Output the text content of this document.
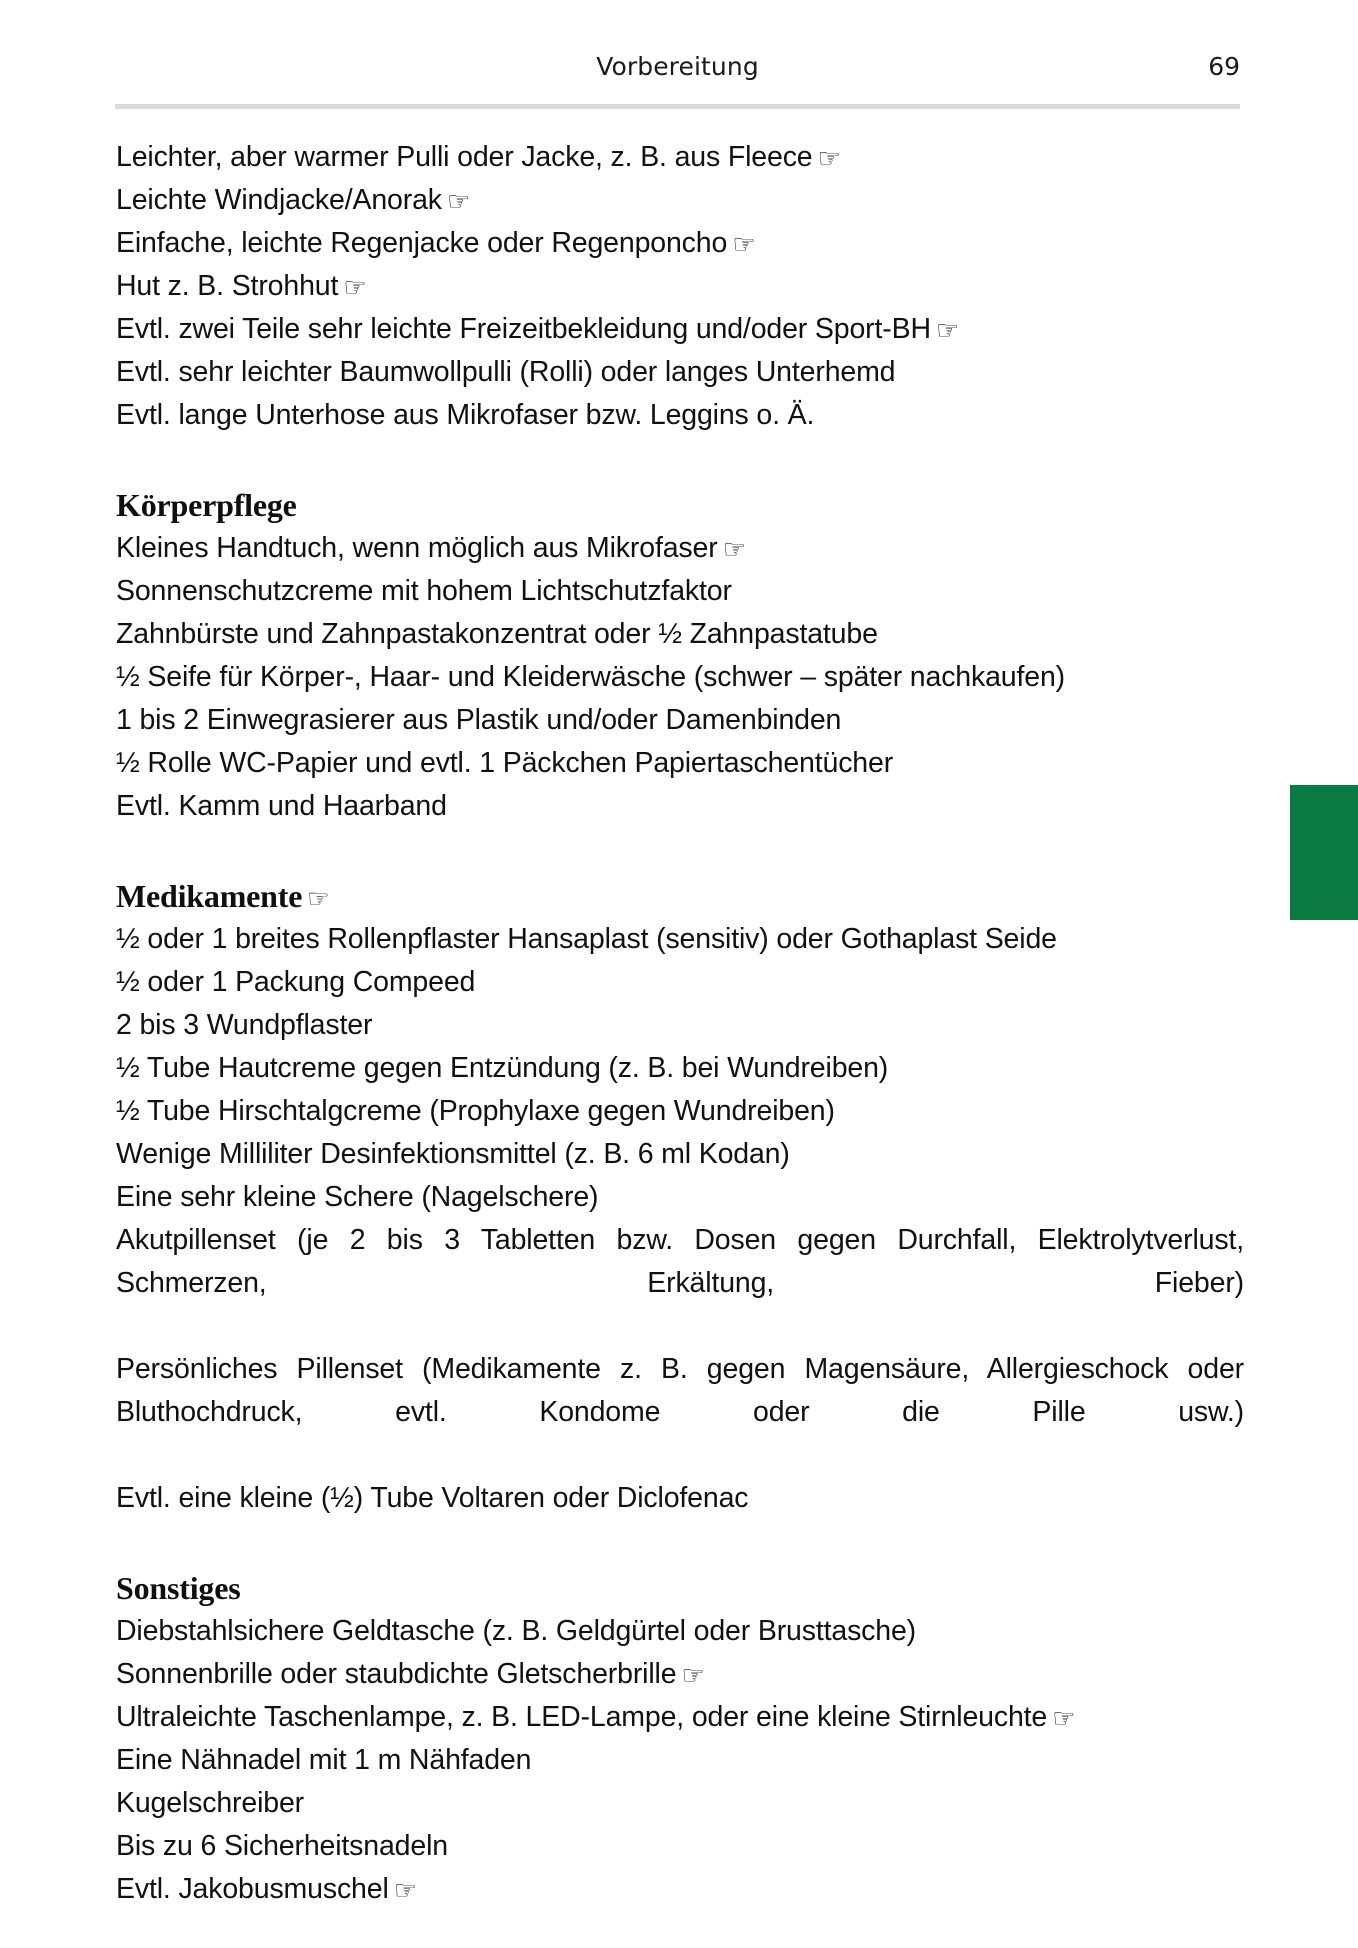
Vorbereitung	69
Leichter, aber warmer Pulli oder Jacke, z. B. aus Fleece ☞
Leichte Windjacke/Anorak ☞
Einfache, leichte Regenjacke oder Regenponcho ☞
Hut z. B. Strohhut ☞
Evtl. zwei Teile sehr leichte Freizeitbekleidung und/oder Sport-BH ☞
Evtl. sehr leichter Baumwollpulli (Rolli) oder langes Unterhemd
Evtl. lange Unterhose aus Mikrofaser bzw. Leggins o. Ä.
Körperpflege
Kleines Handtuch, wenn möglich aus Mikrofaser ☞
Sonnenschutzcreme mit hohem Lichtschutzfaktor
Zahnbürste und Zahnpastakonzentrat oder ½ Zahnpastatube
½ Seife für Körper-, Haar- und Kleiderwäsche (schwer – später nachkaufen)
1 bis 2 Einwegrasierer aus Plastik und/oder Damenbinden
½ Rolle WC-Papier und evtl. 1 Päckchen Papiertaschentücher
Evtl. Kamm und Haarband
Medikamente ☞
½ oder 1 breites Rollenpflaster Hansaplast (sensitiv) oder Gothaplast Seide
½ oder 1 Packung Compeed
2 bis 3 Wundpflaster
½ Tube Hautcreme gegen Entzündung (z. B. bei Wundreiben)
½ Tube Hirschtalgcreme (Prophylaxe gegen Wundreiben)
Wenige Milliliter Desinfektionsmittel (z. B. 6 ml Kodan)
Eine sehr kleine Schere (Nagelschere)
Akutpillenset (je 2 bis 3 Tabletten bzw. Dosen gegen Durchfall, Elektrolytverlust, Schmerzen, Erkältung, Fieber)
Persönliches Pillenset (Medikamente z. B. gegen Magensäure, Allergieschock oder Bluthochdruck, evtl. Kondome oder die Pille usw.)
Evtl. eine kleine (½) Tube Voltaren oder Diclofenac
Sonstiges
Diebstahlsichere Geldtasche (z. B. Geldgürtel oder Brusttasche)
Sonnenbrille oder staubdichte Gletscherbrille ☞
Ultraleichte Taschenlampe, z. B. LED-Lampe, oder eine kleine Stirnleuchte ☞
Eine Nähnadel mit 1 m Nähfaden
Kugelschreiber
Bis zu 6 Sicherheitsnadeln
Evtl. Jakobusmuschel ☞
